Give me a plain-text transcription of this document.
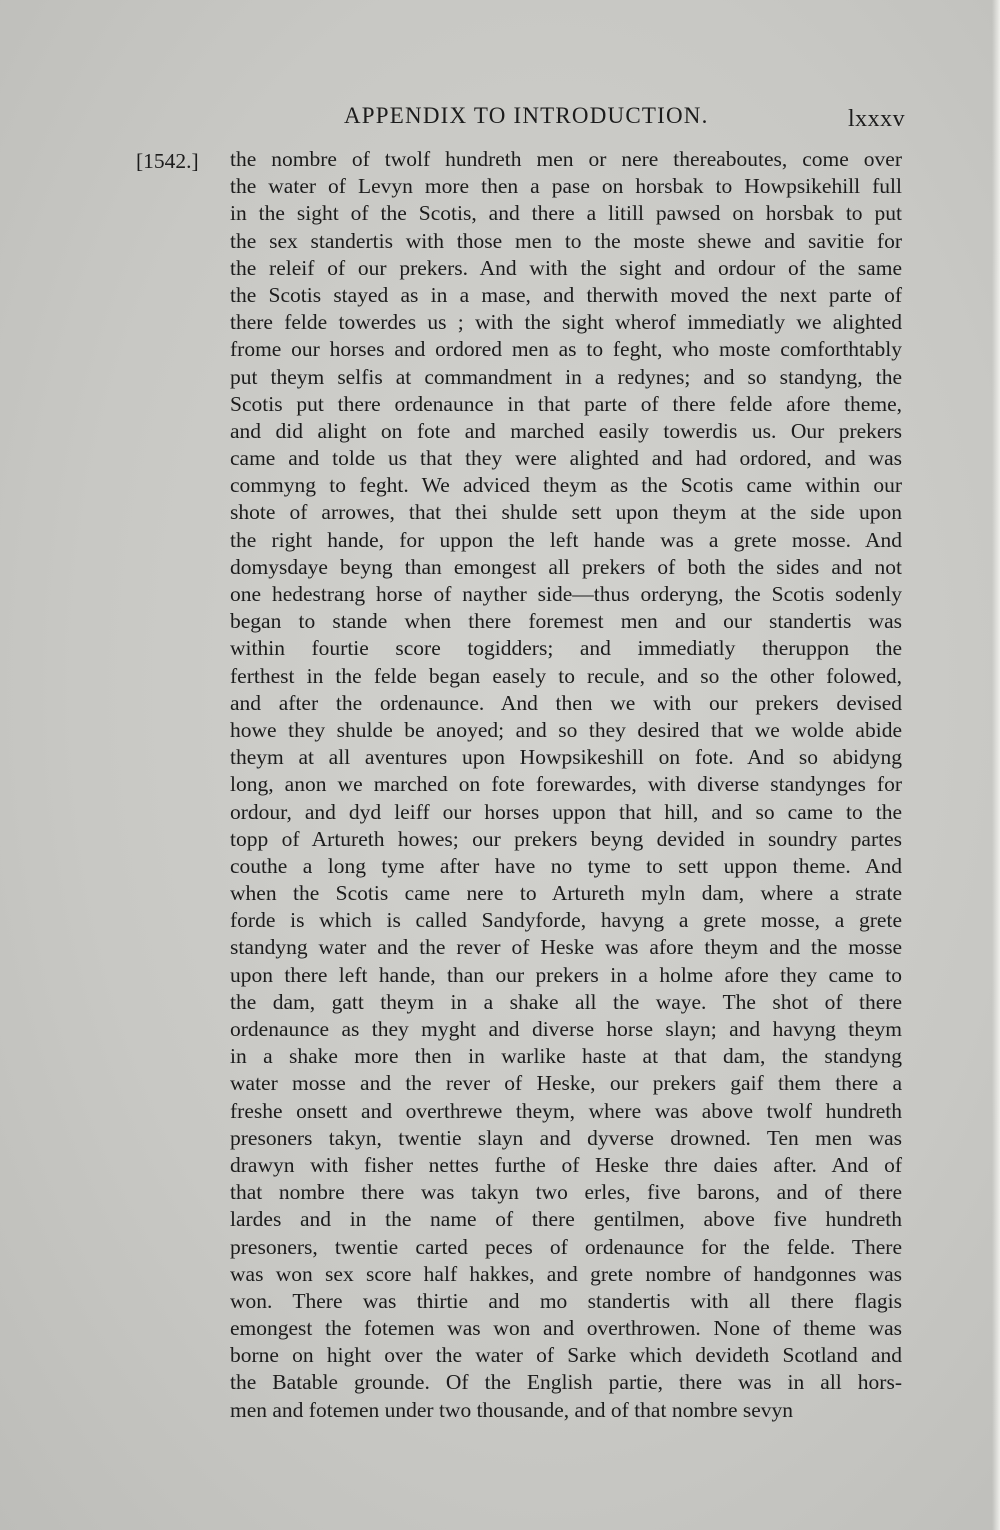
APPENDIX TO INTRODUCTION.	lxxxv
[1542.] the nombre of twolf hundreth men or nere thereaboutes, come over
the water of Levyn more then a pase on horsbak to Howpsikehill full
in the sight of the Scotis, and there a litill pawsed on horsbak to put
the sex standertis with those men to the moste shewe and savitie for
the releif of our prekers. And with the sight and ordour of the same
the Scotis stayed as in a mase, and therwith moved the next parte of
there felde towerdes us ; with the sight wherof immediatly we alighted
frome our horses and ordored men as to feght, who moste comforthtably
put theym selfis at commandment in a redynes; and so standyng, the
Scotis put there ordenaunce in that parte of there felde afore theme,
and did alight on fote and marched easily towerdis us. Our prekers
came and tolde us that they were alighted and had ordored, and was
commyng to feght. We adviced theym as the Scotis came within our
shote of arrowes, that thei shulde sett upon theym at the side upon
the right hande, for uppon the left hande was a grete mosse. And
domysdaye beyng than emongest all prekers of both the sides and not
one hedestrang horse of nayther side—thus orderyng, the Scotis sodenly
began to stande when there foremest men and our standertis was
within fourtie score togidders; and immediatly theruppon the
ferthest in the felde began easely to recule, and so the other folowed,
and after the ordenaunce. And then we with our prekers devised
howe they shulde be anoyed; and so they desired that we wolde abide
theym at all aventures upon Howpsikeshill on fote. And so abidyng
long, anon we marched on fote forewardes, with diverse standynges for
ordour, and dyd leiff our horses uppon that hill, and so came to the
topp of Artureth howes; our prekers beyng devided in soundry partes
couthe a long tyme after have no tyme to sett uppon theme. And
when the Scotis came nere to Artureth myln dam, where a strate
forde is which is called Sandyforde, havyng a grete mosse, a grete
standyng water and the rever of Heske was afore theym and the mosse
upon there left hande, than our prekers in a holme afore they came to
the dam, gatt theym in a shake all the waye. The shot of there
ordenaunce as they myght and diverse horse slayn; and havyng theym
in a shake more then in warlike haste at that dam, the standyng
water mosse and the rever of Heske, our prekers gaif them there a
freshe onsett and overthrewe theym, where was above twolf hundreth
presoners takyn, twentie slayn and dyverse drowned. Ten men was
drawyn with fisher nettes furthe of Heske thre daies after. And of
that nombre there was takyn two erles, five barons, and of there
lardes and in the name of there gentilmen, above five hundreth
presoners, twentie carted peces of ordenaunce for the felde. There
was won sex score half hakkes, and grete nombre of handgonnes was
won. There was thirtie and mo standertis with all there flagis
emongest the fotemen was won and overthrowen. None of theme was
borne on hight over the water of Sarke which devideth Scotland and
the Batable grounde. Of the English partie, there was in all hors-
men and fotemen under two thousande, and of that nombre sevyn
